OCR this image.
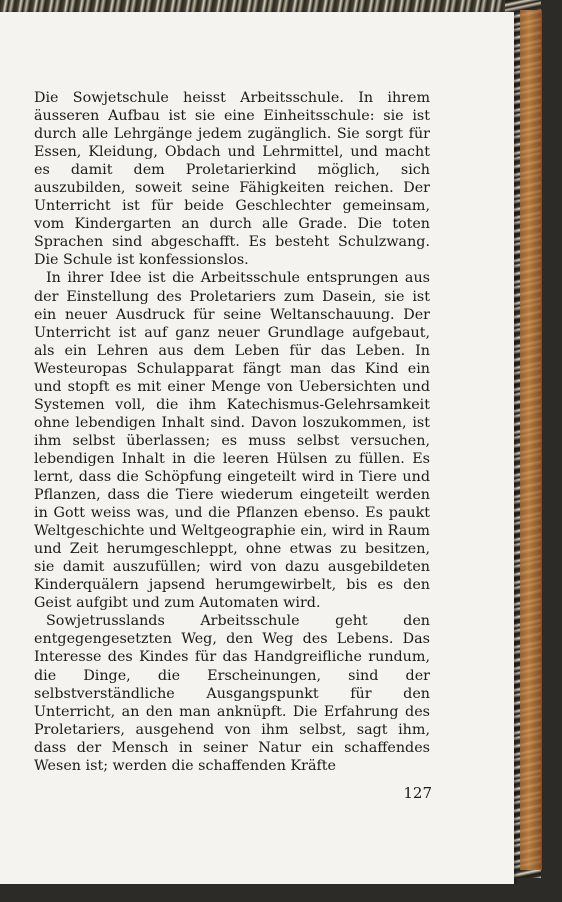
Die Sowjetschule heisst Arbeitsschule. In ihrem äusseren Aufbau ist sie eine Einheitsschule: sie ist durch alle Lehrgänge jedem zugänglich. Sie sorgt für Essen, Kleidung, Obdach und Lehrmittel, und macht es damit dem Proletarierkind möglich, sich auszubilden, soweit seine Fähigkeiten reichen. Der Unterricht ist für beide Geschlechter gemeinsam, vom Kindergarten an durch alle Grade. Die toten Sprachen sind abgeschafft. Es besteht Schulzwang. Die Schule ist konfessionslos.

In ihrer Idee ist die Arbeitsschule entsprungen aus der Einstellung des Proletariers zum Dasein, sie ist ein neuer Ausdruck für seine Weltanschauung. Der Unterricht ist auf ganz neuer Grundlage aufgebaut, als ein Lehren aus dem Leben für das Leben. In Westeuropas Schulapparat fängt man das Kind ein und stopft es mit einer Menge von Uebersichten und Systemen voll, die ihm Katechismus-Gelehrsamkeit ohne lebendigen Inhalt sind. Davon loszukommen, ist ihm selbst überlassen; es muss selbst versuchen, lebendigen Inhalt in die leeren Hülsen zu füllen. Es lernt, dass die Schöpfung eingeteilt wird in Tiere und Pflanzen, dass die Tiere wiederum eingeteilt werden in Gott weiss was, und die Pflanzen ebenso. Es paukt Weltgeschichte und Weltgeographie ein, wird in Raum und Zeit herumgeschleppt, ohne etwas zu besitzen, sie damit auszufüllen; wird von dazu ausgebildeten Kinderquälern japsend herumgewirbelt, bis es den Geist aufgibt und zum Automaten wird.

Sowjetrusslands Arbeitsschule geht den entgegengesetzten Weg, den Weg des Lebens. Das Interesse des Kindes für das Handgreifliche rundum, die Dinge, die Erscheinungen, sind der selbstverständliche Ausgangspunkt für den Unterricht, an den man anknüpft. Die Erfahrung des Proletariers, ausgehend von ihm selbst, sagt ihm, dass der Mensch in seiner Natur ein schaffendes Wesen ist; werden die schaffenden Kräfte

127
